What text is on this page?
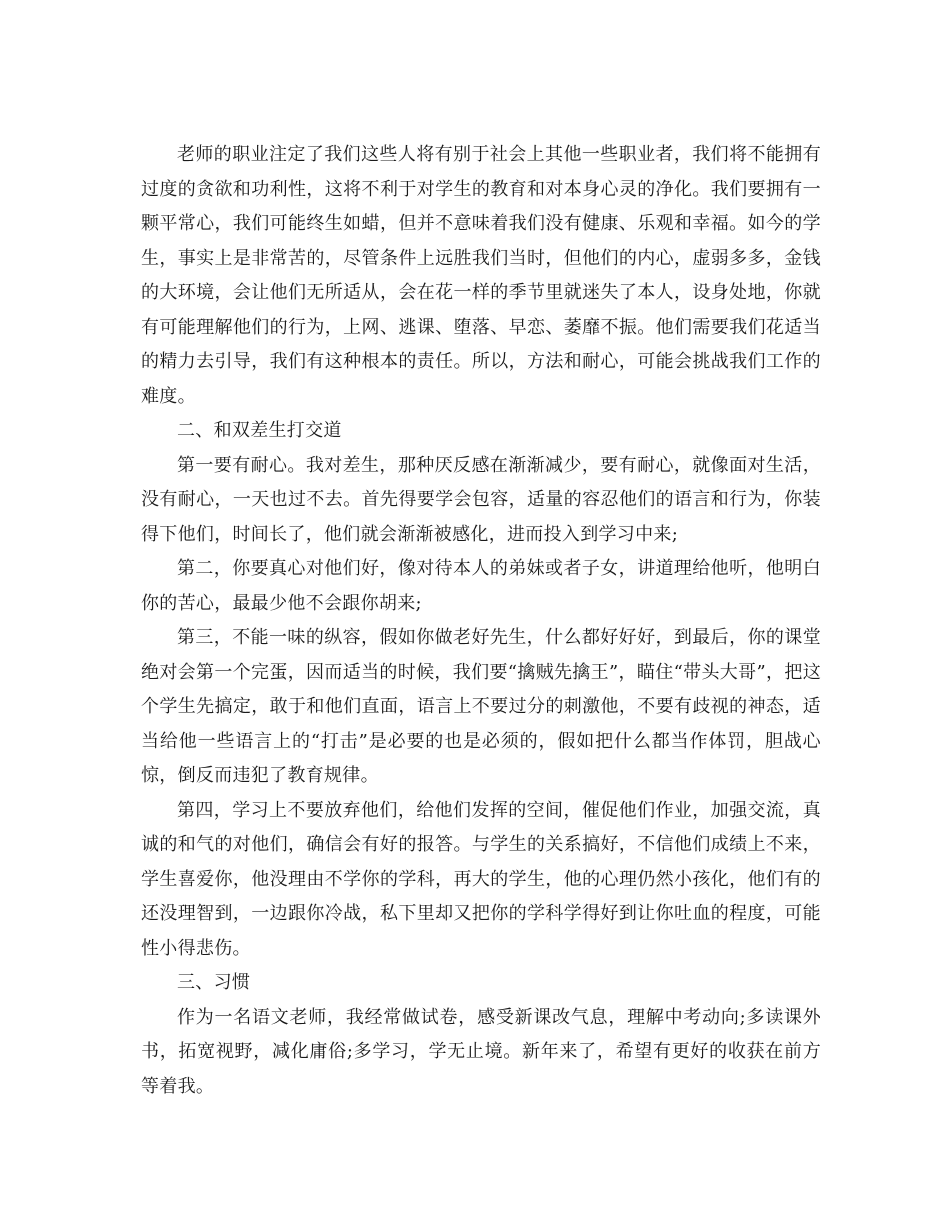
老师的职业注定了我们这些人将有别于社会上其他一些职业者，我们将不能拥有过度的贪欲和功利性，这将不利于对学生的教育和对本身心灵的净化。我们要拥有一颗平常心，我们可能终生如蜡，但并不意味着我们没有健康、乐观和幸福。如今的学生，事实上是非常苦的，尽管条件上远胜我们当时，但他们的内心，虚弱多多，金钱的大环境，会让他们无所适从，会在花一样的季节里就迷失了本人，设身处地，你就有可能理解他们的行为，上网、逃课、堕落、早恋、萎靡不振。他们需要我们花适当的精力去引导，我们有这种根本的责任。所以，方法和耐心，可能会挑战我们工作的难度。

二、和双差生打交道

第一要有耐心。我对差生，那种厌反感在渐渐减少，要有耐心，就像面对生活，没有耐心，一天也过不去。首先得要学会包容，适量的容忍他们的语言和行为，你装得下他们，时间长了，他们就会渐渐被感化，进而投入到学习中来;

第二，你要真心对他们好，像对待本人的弟妹或者子女，讲道理给他听，他明白你的苦心，最最少他不会跟你胡来;

第三，不能一味的纵容，假如你做老好先生，什么都好好好，到最后，你的课堂绝对会第一个完蛋，因而适当的时候，我们要“擒贼先擒王”，瞄住“带头大哥”，把这个学生先搞定，敢于和他们直面，语言上不要过分的刺激他，不要有歧视的神态，适当给他一些语言上的“打击”是必要的也是必须的，假如把什么都当作体罚，胆战心惊，倒反而违犯了教育规律。

第四，学习上不要放弃他们，给他们发挥的空间，催促他们作业，加强交流，真诚的和气的对他们，确信会有好的报答。与学生的关系搞好，不信他们成绩上不来，学生喜爱你，他没理由不学你的学科，再大的学生，他的心理仍然小孩化，他们有的还没理智到，一边跟你冷战，私下里却又把你的学科学得好到让你吐血的程度，可能性小得悲伤。

三、习惯

作为一名语文老师，我经常做试卷，感受新课改气息，理解中考动向;多读课外书，拓宽视野，减化庸俗;多学习，学无止境。新年来了，希望有更好的收获在前方等着我。
